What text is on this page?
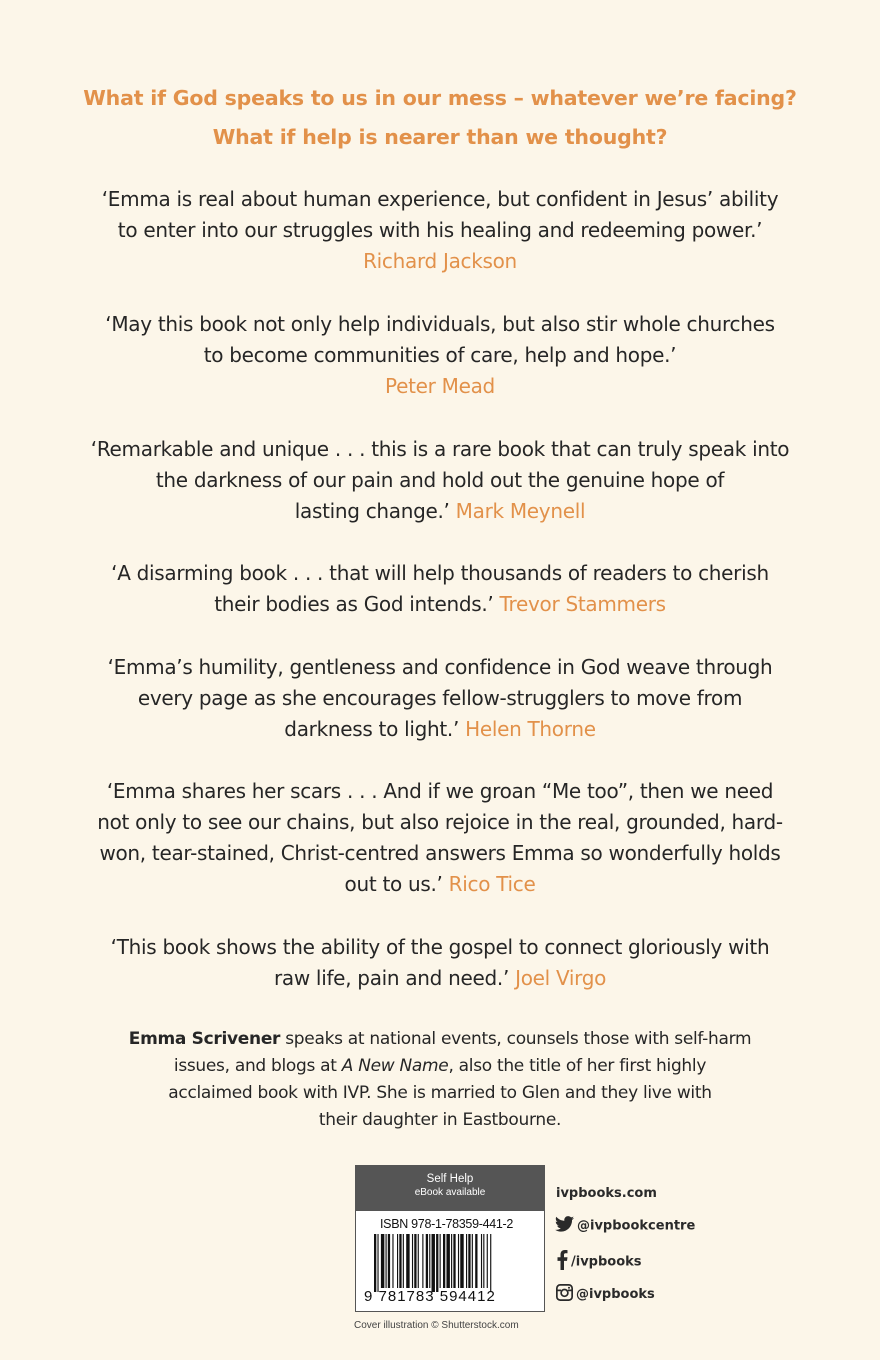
What if God speaks to us in our mess – whatever we’re facing?
What if help is nearer than we thought?
‘Emma is real about human experience, but confident in Jesus’ ability
to enter into our struggles with his healing and redeeming power.’
Richard Jackson
‘May this book not only help individuals, but also stir whole churches
to become communities of care, help and hope.’
Peter Mead
‘Remarkable and unique . . . this is a rare book that can truly speak into
the darkness of our pain and hold out the genuine hope of
lasting change.’ Mark Meynell
‘A disarming book . . . that will help thousands of readers to cherish
their bodies as God intends.’ Trevor Stammers
‘Emma’s humility, gentleness and confidence in God weave through
every page as she encourages fellow-strugglers to move from
darkness to light.’ Helen Thorne
‘Emma shares her scars . . . And if we groan “Me too”, then we need
not only to see our chains, but also rejoice in the real, grounded, hard-
won, tear-stained, Christ-centred answers Emma so wonderfully holds
out to us.’ Rico Tice
‘This book shows the ability of the gospel to connect gloriously with
raw life, pain and need.’ Joel Virgo
Emma Scrivener speaks at national events, counsels those with self-harm
issues, and blogs at A New Name, also the title of her first highly
acclaimed book with IVP. She is married to Glen and they live with
their daughter in Eastbourne.
Self Help
eBook available
ISBN 978-1-78359-441-2
9 781783 594412
Cover illustration © Shutterstock.com
ivpbooks.com
@ivpbookcentre
/ivpbooks
@ivpbooks
